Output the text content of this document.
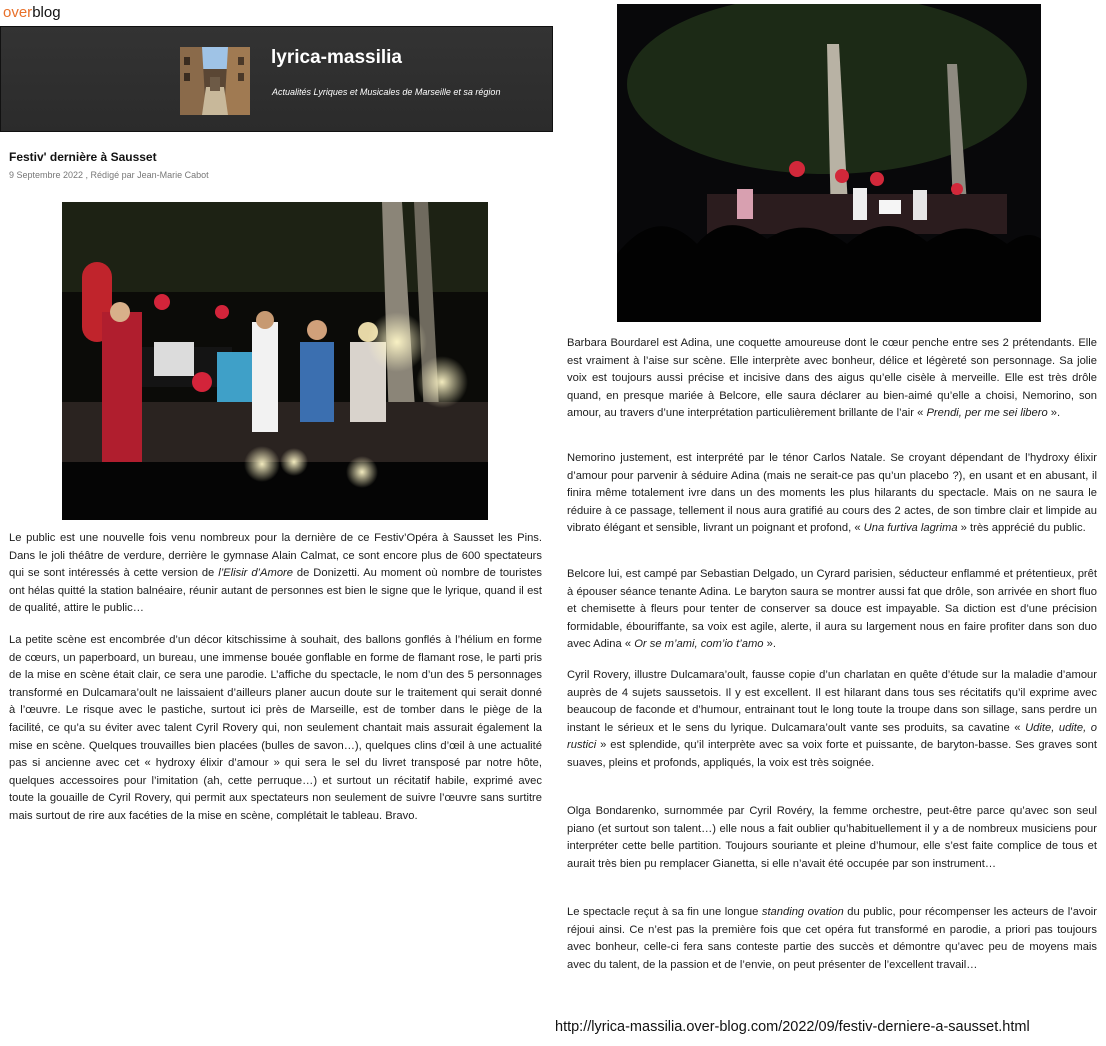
overblog
lyrica-massilia
Actualités Lyriques et Musicales de Marseille et sa région
Festiv' dernière à Sausset
9 Septembre 2022 , Rédigé par Jean-Marie Cabot

Le public est une nouvelle fois venu nombreux pour la dernière de ce Festiv’Opéra à Sausset les Pins. Dans le joli théâtre de verdure, derrière le gymnase Alain Calmat, ce sont encore plus de 600 spectateurs qui se sont intéressés à cette version de l’Elisir d’Amore de Donizetti. Au moment où nombre de touristes ont hélas quitté la station balnéaire, réunir autant de personnes est bien le signe que le lyrique, quand il est de qualité, attire le public…

La petite scène est encombrée d’un décor kitschissime à souhait, des ballons gonflés à l’hélium en forme de cœurs, un paperboard, un bureau, une immense bouée gonflable en forme de flamant rose, le parti pris de la mise en scène était clair, ce sera une parodie. L’affiche du spectacle, le nom d’un des 5 personnages transformé en Dulcamara’oult ne laissaient d’ailleurs planer aucun doute sur le traitement qui serait donné à l’œuvre. Le risque avec le pastiche, surtout ici près de Marseille, est de tomber dans le piège de la facilité, ce qu’a su éviter avec talent Cyril Rovery qui, non seulement chantait mais assurait également la mise en scène. Quelques trouvailles bien placées (bulles de savon…), quelques clins d’œil à une actualité pas si ancienne avec cet « hydroxy élixir d’amour » qui sera le sel du livret transposé par notre hôte, quelques accessoires pour l’imitation (ah, cette perruque…) et surtout un récitatif habile, exprimé avec toute la gouaille de Cyril Rovery, qui permit aux spectateurs non seulement de suivre l’œuvre sans surtitre mais surtout de rire aux facéties de la mise en scène, complétait le tableau. Bravo.

Barbara Bourdarel est Adina, une coquette amoureuse dont le cœur penche entre ses 2 prétendants. Elle est vraiment à l’aise sur scène. Elle interprète avec bonheur, délice et légèreté son personnage. Sa jolie voix est toujours aussi précise et incisive dans des aigus qu’elle cisèle à merveille. Elle est très drôle quand, en presque mariée à Belcore, elle saura déclarer au bien-aimé qu’elle a choisi, Nemorino, son amour, au travers d’une interprétation particulièrement brillante de l’air « Prendi, per me sei libero ».

Nemorino justement, est interprété par le ténor Carlos Natale. Se croyant dépendant de l’hydroxy élixir d’amour pour parvenir à séduire Adina (mais ne serait-ce pas qu’un placebo ?), en usant et en abusant, il finira même totalement ivre dans un des moments les plus hilarants du spectacle. Mais on ne saura le réduire à ce passage, tellement il nous aura gratifié au cours des 2 actes, de son timbre clair et limpide au vibrato élégant et sensible, livrant un poignant et profond, « Una furtiva lagrima » très apprécié du public.

Belcore lui, est campé par Sebastian Delgado, un Cyrard parisien, séducteur enflammé et prétentieux, prêt à épouser séance tenante Adina. Le baryton saura se montrer aussi fat que drôle, son arrivée en short fluo et chemisette à fleurs pour tenter de conserver sa douce est impayable. Sa diction est d’une précision formidable, ébouriffante, sa voix est agile, alerte, il aura su largement nous en faire profiter dans son duo avec Adina « Or se m’ami, com’io t’amo ».

Cyril Rovery, illustre Dulcamara’oult, fausse copie d’un charlatan en quête d’étude sur la maladie d’amour auprès de 4 sujets saussetois. Il y est excellent. Il est hilarant dans tous ses récitatifs qu’il exprime avec beaucoup de faconde et d’humour, entrainant tout le long toute la troupe dans son sillage, sans perdre un instant le sérieux et le sens du lyrique. Dulcamara’oult vante ses produits, sa cavatine « Udite, udite, o rustici » est splendide, qu’il interprète avec sa voix forte et puissante, de baryton-basse. Ses graves sont suaves, pleins et profonds, appliqués, la voix est très soignée.

Olga Bondarenko, surnommée par Cyril Rovéry, la femme orchestre, peut-être parce qu’avec son seul piano (et surtout son talent…) elle nous a fait oublier qu’habituellement il y a de nombreux musiciens pour interpréter cette belle partition. Toujours souriante et pleine d’humour, elle s’est faite complice de tous et aurait très bien pu remplacer Gianetta, si elle n’avait été occupée par son instrument…

Le spectacle reçut à sa fin une longue standing ovation du public, pour récompenser les acteurs de l’avoir réjoui ainsi. Ce n’est pas la première fois que cet opéra fut transformé en parodie, a priori pas toujours avec bonheur, celle-ci fera sans conteste partie des succès et démontre qu’avec peu de moyens mais avec du talent, de la passion et de l’envie, on peut présenter de l’excellent travail…

http://lyrica-massilia.over-blog.com/2022/09/festiv-derniere-a-sausset.html
